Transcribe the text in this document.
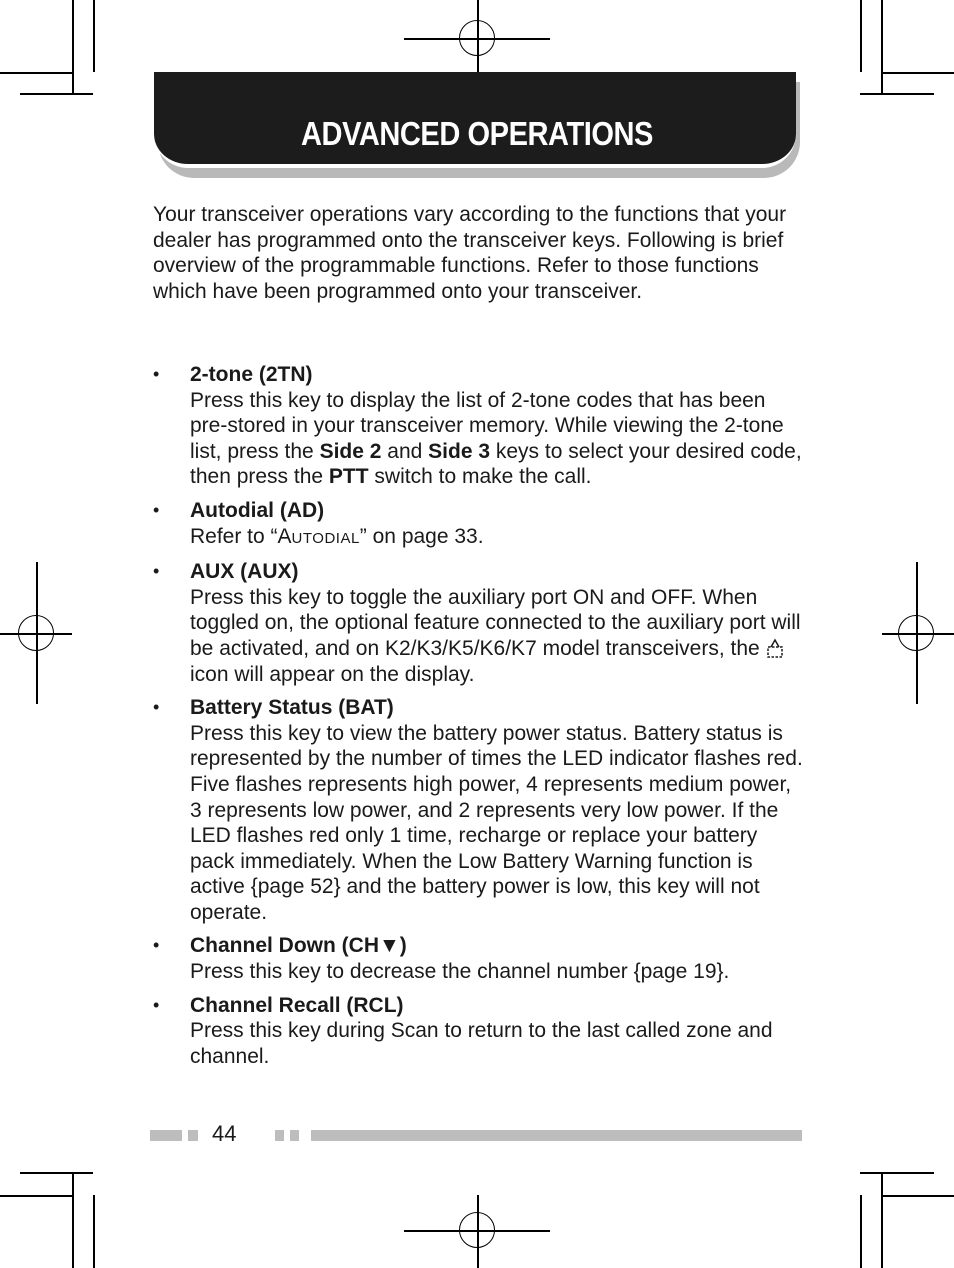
ADVANCED OPERATIONS

Your transceiver operations vary according to the functions that your dealer has programmed onto the transceiver keys. Following is brief overview of the programmable functions. Refer to those functions which have been programmed onto your transceiver.

• 2-tone (2TN)
Press this key to display the list of 2-tone codes that has been pre-stored in your transceiver memory. While viewing the 2-tone list, press the Side 2 and Side 3 keys to select your desired code, then press the PTT switch to make the call.
• Autodial (AD)
Refer to “AUTODIAL” on page 33.
• AUX (AUX)
Press this key to toggle the auxiliary port ON and OFF. When toggled on, the optional feature connected to the auxiliary port will be activated, and on K2/K3/K5/K6/K7 model transceivers, the  icon will appear on the display.
• Battery Status (BAT)
Press this key to view the battery power status. Battery status is represented by the number of times the LED indicator flashes red. Five flashes represents high power, 4 represents medium power, 3 represents low power, and 2 represents very low power. If the LED flashes red only 1 time, recharge or replace your battery pack immediately. When the Low Battery Warning function is active {page 52} and the battery power is low, this key will not operate.
• Channel Down (CH▼)
Press this key to decrease the channel number {page 19}.
• Channel Recall (RCL)
Press this key during Scan to return to the last called zone and channel.
44
